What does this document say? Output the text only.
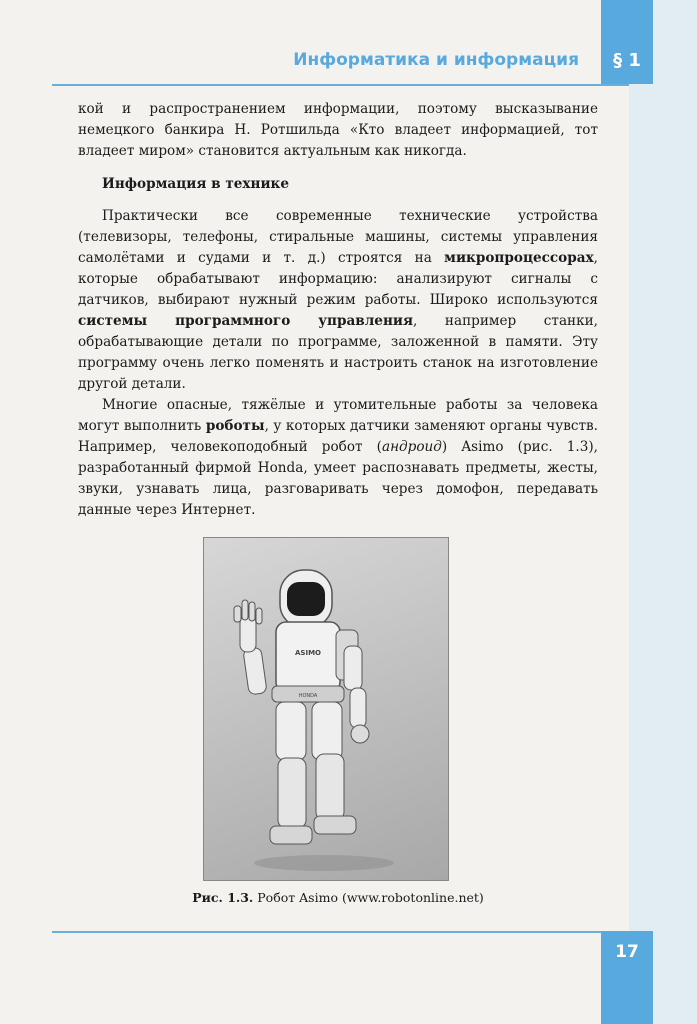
Информатика и информация	§ 1

кой и распространением информации, поэтому высказывание немецкого банкира Н. Ротшильда «Кто владеет информацией, тот владеет миром» становится актуальным как никогда.

Информация в технике

Практически все современные технические устройства (телевизоры, телефоны, стиральные машины, системы управления самолётами и судами и т. д.) строятся на микропроцессорах, которые обрабатывают информацию: анализируют сигналы с датчиков, выбирают нужный режим работы. Широко используются системы программного управления, например станки, обрабатывающие детали по программе, заложенной в памяти. Эту программу очень легко поменять и настроить станок на изготовление другой детали.

Многие опасные, тяжёлые и утомительные работы за человека могут выполнить роботы, у которых датчики заменяют органы чувств. Например, человекоподобный робот (андроид) Asimo (рис. 1.3), разработанный фирмой Honda, умеет распознавать предметы, жесты, звуки, узнавать лица, разговаривать через домофон, передавать данные через Интернет.

ASIMO
HONDA
Рис. 1.3. Робот Asimo (www.robotonline.net)
17
